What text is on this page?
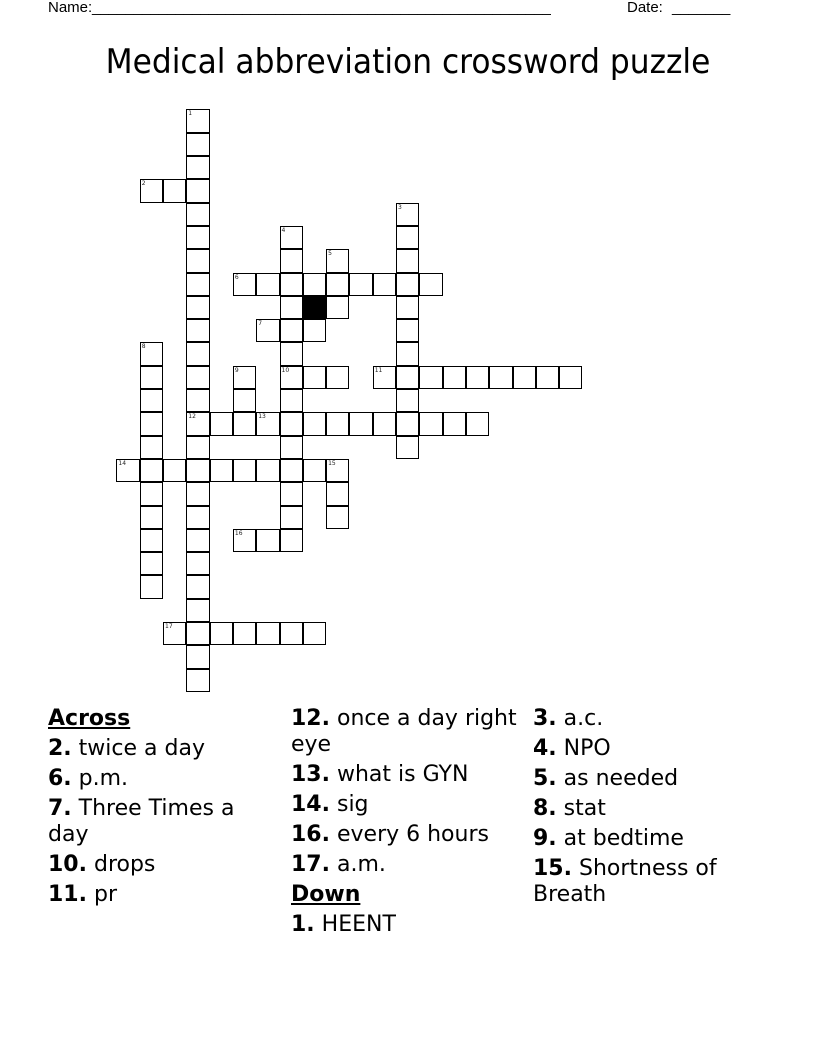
Name: _______________________________________________________	Date: _______
Medical abbreviation crossword puzzle
1
12
2
3
4
10
5
6
7
8
9	11
13
14	15
16
17
Across
2. twice a day
6. p.m.
7. Three Times a day
10. drops
11. pr
12. once a day right eye
13. what is GYN
14. sig
16. every 6 hours
17. a.m.
Down
1. HEENT
3. a.c.
4. NPO
5. as needed
8. stat
9. at bedtime
15. Shortness of Breath
